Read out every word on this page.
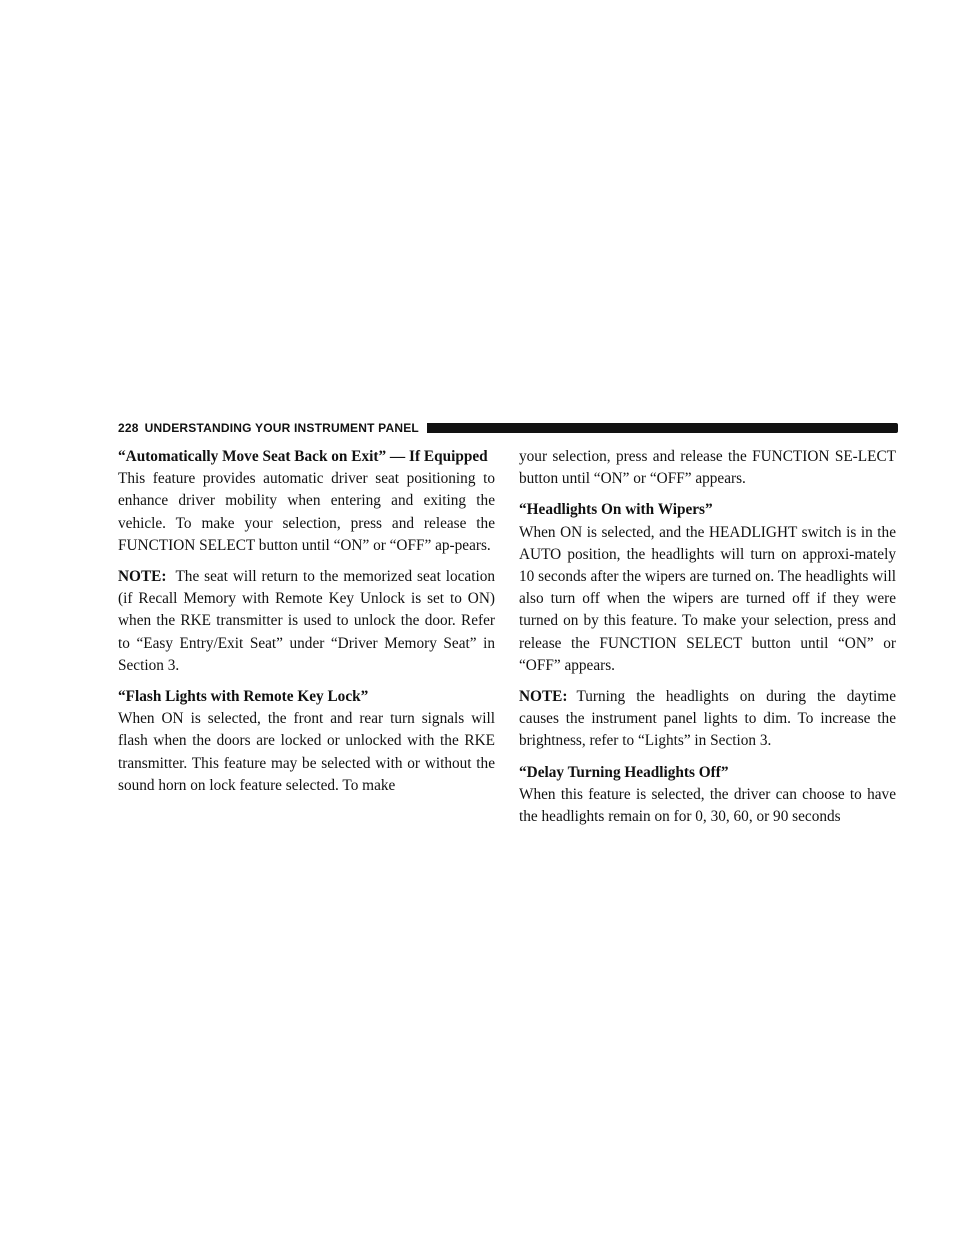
228 UNDERSTANDING YOUR INSTRUMENT PANEL
“Automatically Move Seat Back on Exit” — If Equipped

This feature provides automatic driver seat positioning to enhance driver mobility when entering and exiting the vehicle. To make your selection, press and release the FUNCTION SELECT button until “ON” or “OFF” ap-pears.

NOTE: The seat will return to the memorized seat location (if Recall Memory with Remote Key Unlock is set to ON) when the RKE transmitter is used to unlock the door. Refer to “Easy Entry/Exit Seat” under “Driver Memory Seat” in Section 3.

“Flash Lights with Remote Key Lock”

When ON is selected, the front and rear turn signals will flash when the doors are locked or unlocked with the RKE transmitter. This feature may be selected with or without the sound horn on lock feature selected. To make

your selection, press and release the FUNCTION SE-LECT button until “ON” or “OFF” appears.

“Headlights On with Wipers”

When ON is selected, and the HEADLIGHT switch is in the AUTO position, the headlights will turn on approxi-mately 10 seconds after the wipers are turned on. The headlights will also turn off when the wipers are turned off if they were turned on by this feature. To make your selection, press and release the FUNCTION SELECT button until “ON” or “OFF” appears.

NOTE: Turning the headlights on during the daytime causes the instrument panel lights to dim. To increase the brightness, refer to “Lights” in Section 3.

“Delay Turning Headlights Off”

When this feature is selected, the driver can choose to have the headlights remain on for 0, 30, 60, or 90 seconds
